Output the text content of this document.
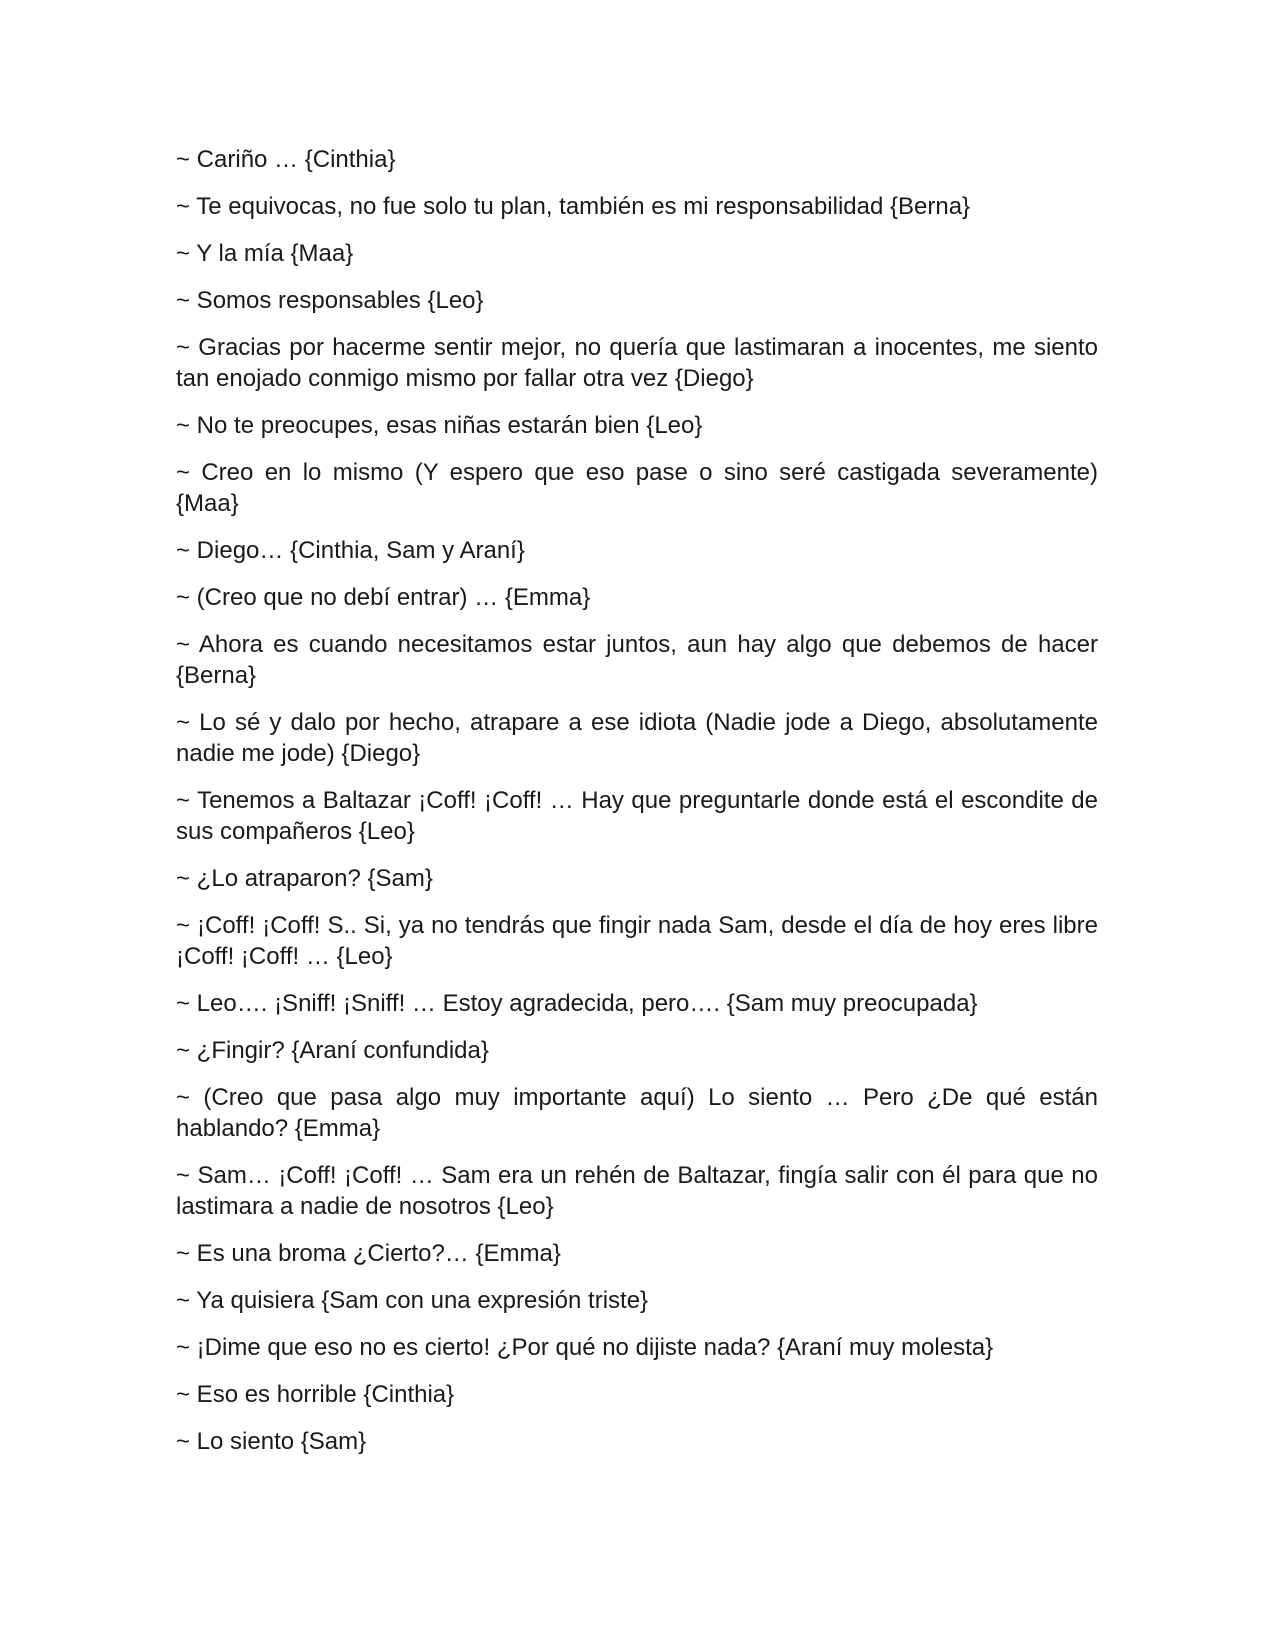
~ Cariño … {Cinthia}

~ Te equivocas, no fue solo tu plan, también es mi responsabilidad {Berna}

~ Y la mía {Maa}

~ Somos responsables {Leo}

~ Gracias por hacerme sentir mejor, no quería que lastimaran a inocentes, me siento tan enojado conmigo mismo por fallar otra vez {Diego}

~ No te preocupes, esas niñas estarán bien {Leo}

~ Creo en lo mismo (Y espero que eso pase o sino seré castigada severamente) {Maa}

~ Diego… {Cinthia, Sam y Araní}

~ (Creo que no debí entrar) … {Emma}

~ Ahora es cuando necesitamos estar juntos, aun hay algo que debemos de hacer {Berna}

~ Lo sé y dalo por hecho, atrapare a ese idiota (Nadie jode a Diego, absolutamente nadie me jode) {Diego}

~ Tenemos a Baltazar ¡Coff! ¡Coff! … Hay que preguntarle donde está el escondite de sus compañeros {Leo}

~ ¿Lo atraparon? {Sam}

~ ¡Coff! ¡Coff! S.. Si, ya no tendrás que fingir nada Sam, desde el día de hoy eres libre ¡Coff! ¡Coff! … {Leo}

~ Leo…. ¡Sniff! ¡Sniff! … Estoy agradecida, pero…. {Sam muy preocupada}

~ ¿Fingir? {Araní confundida}

~ (Creo que pasa algo muy importante aquí) Lo siento … Pero ¿De qué están hablando? {Emma}

~ Sam… ¡Coff! ¡Coff! … Sam era un rehén de Baltazar, fingía salir con él para que no lastimara a nadie de nosotros {Leo}

~ Es una broma ¿Cierto?… {Emma}

~ Ya quisiera {Sam con una expresión triste}

~ ¡Dime que eso no es cierto! ¿Por qué no dijiste nada? {Araní muy molesta}

~ Eso es horrible {Cinthia}

~ Lo siento {Sam}
